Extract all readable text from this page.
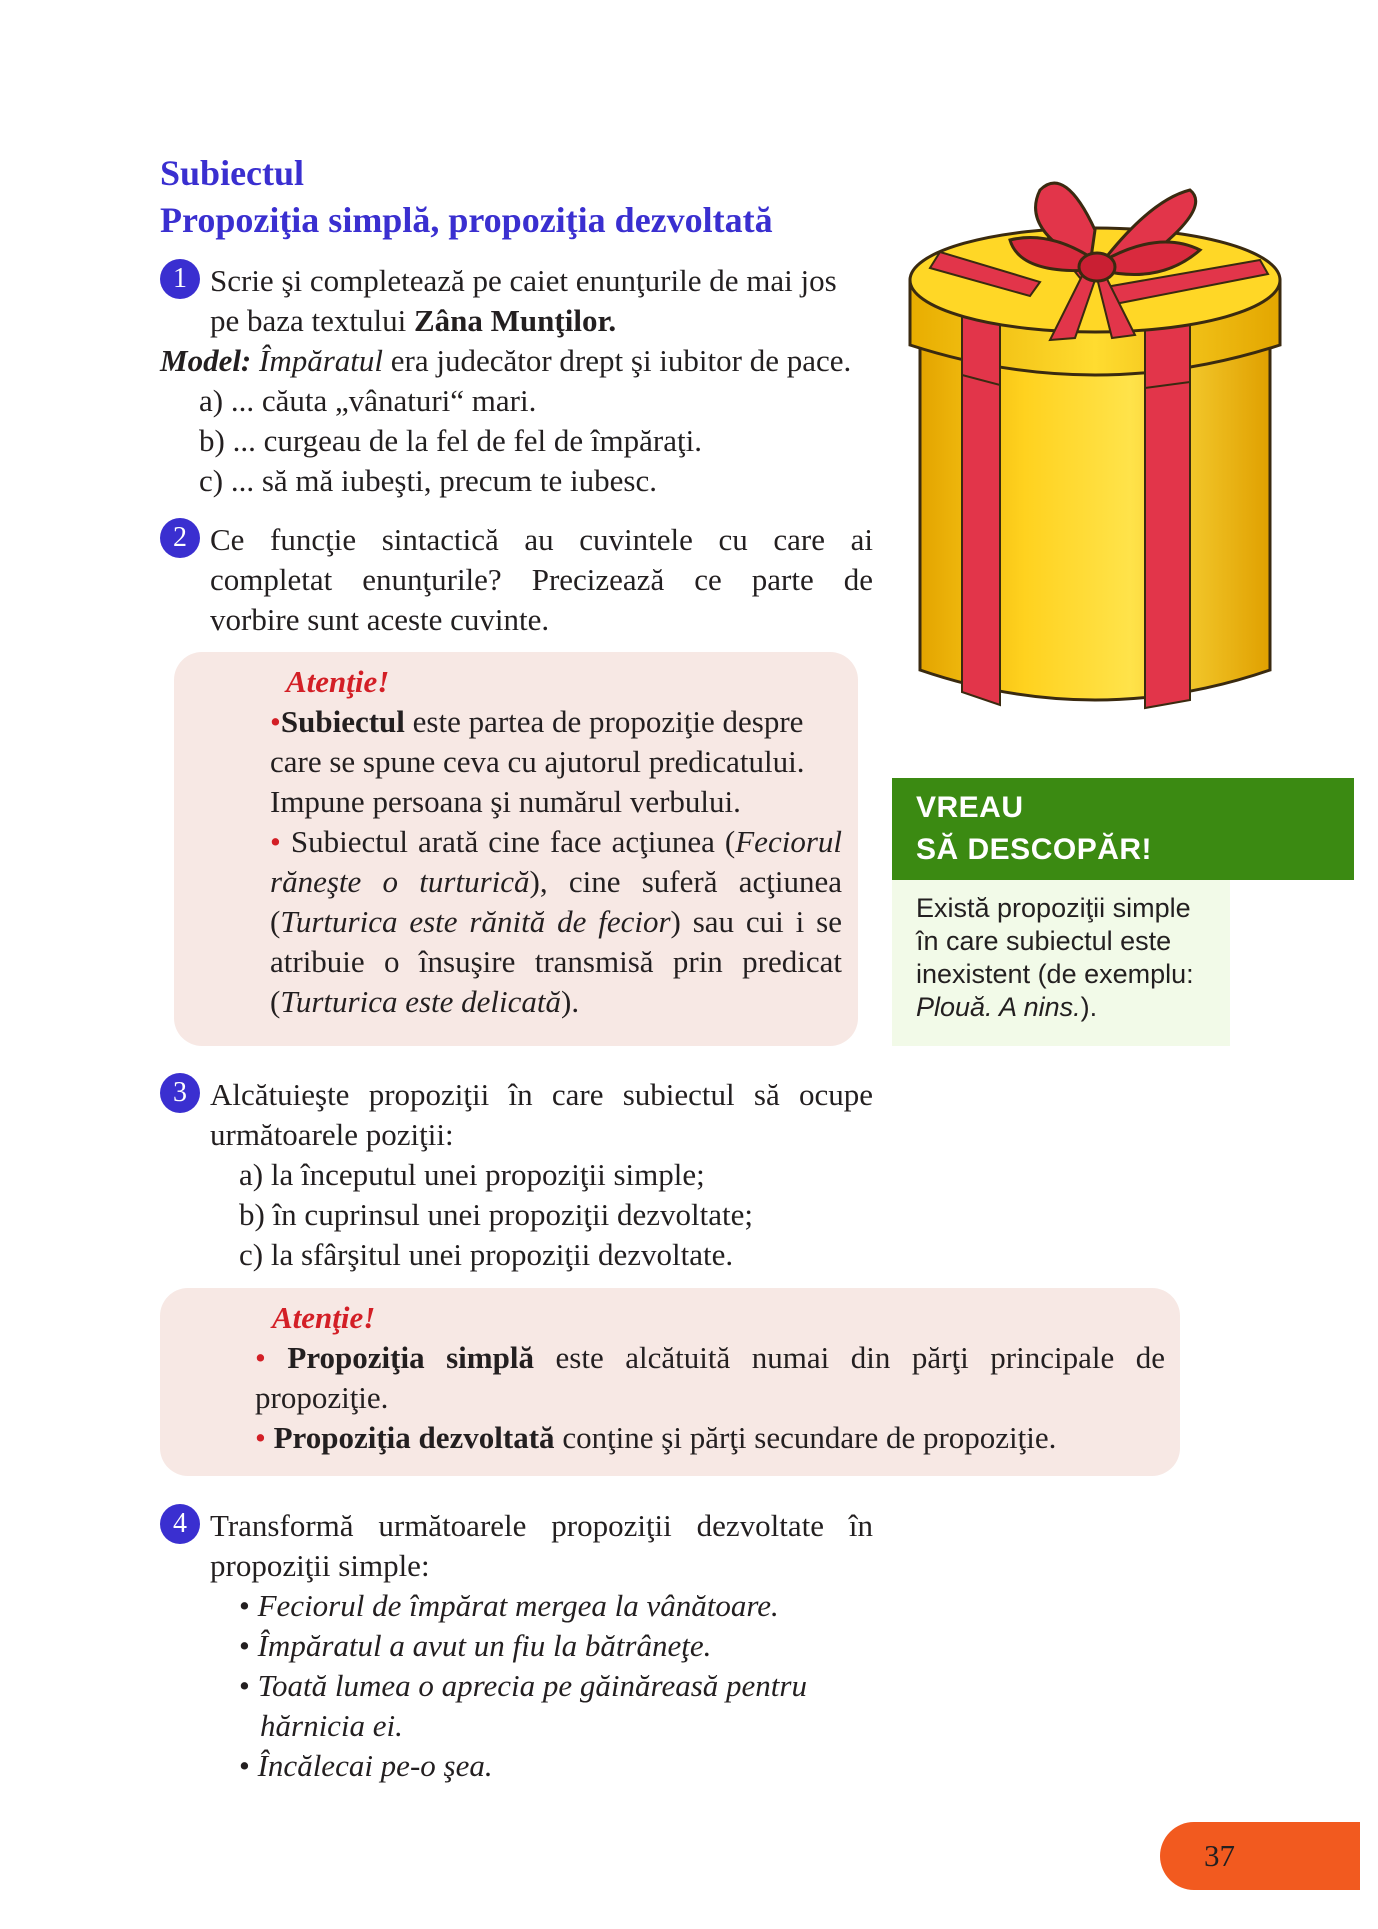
Subiectul
Propoziţia simplă, propoziţia dezvoltată
1 Scrie şi completează pe caiet enunţurile de mai jos
pe baza textului Zâna Munţilor.
Model: Împăratul era judecător drept şi iubitor de pace.
a) ... căuta „vânaturi“ mari.
b) ... curgeau de la fel de fel de împăraţi.
c) ... să mă iubeşti, precum te iubesc.
2 Ce funcţie sintactică au cuvintele cu care ai
completat enunţurile? Precizează ce parte de
vorbire sunt aceste cuvinte.
Atenţie!
•Subiectul este partea de propoziţie despre
care se spune ceva cu ajutorul predicatului.
Impune persoana şi numărul verbului.
• Subiectul arată cine face acţiunea (Feciorul
răneşte o turturică), cine suferă acţiunea
(Turturica este rănită de fecior) sau cui i se
atribuie o însuşire transmisă prin predicat
(Turturica este delicată).
VREAU
SĂ DESCOPĂR!
Există propoziţii simple
în care subiectul este
inexistent (de exemplu:
Plouă. A nins.).
3 Alcătuieşte propoziţii în care subiectul să ocupe
următoarele poziţii:
a) la începutul unei propoziţii simple;
b) în cuprinsul unei propoziţii dezvoltate;
c) la sfârşitul unei propoziţii dezvoltate.
Atenţie!
• Propoziţia simplă este alcătuită numai din părţi principale de
propoziţie.
• Propoziţia dezvoltată conţine şi părţi secundare de propoziţie.
4 Transformă următoarele propoziţii dezvoltate în
propoziţii simple:
• Feciorul de împărat mergea la vânătoare.
• Împăratul a avut un fiu la bătrâneţe.
• Toată lumea o aprecia pe găinăreasă pentru
hărnicia ei.
• Încălecai pe-o şea.
37
